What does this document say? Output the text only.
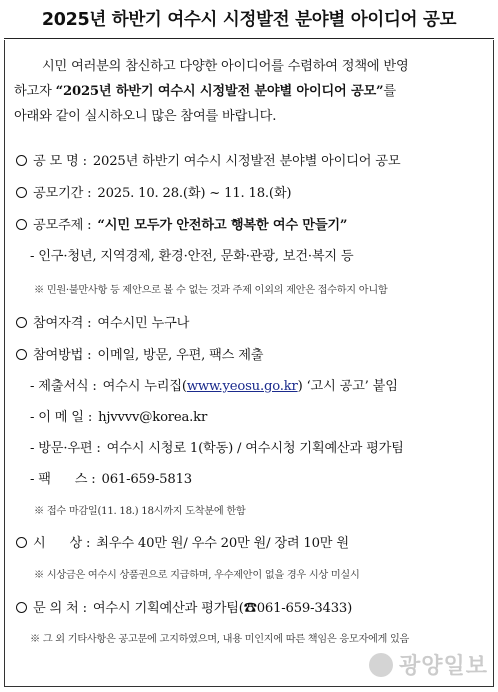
2025년 하반기 여수시 시정발전 분야별 아이디어 공모
시민 여러분의 참신하고 다양한 아이디어를 수렴하여 정책에 반영
하고자 “2025년 하반기 여수시 시정발전 분야별 아이디어 공모”를
아래와 같이 실시하오니 많은 참여를 바랍니다.
공 모 명 : 2025년 하반기 여수시 시정발전 분야별 아이디어 공모
공모기간 : 2025. 10. 28.(화) ~ 11. 18.(화)
공모주제 : “시민 모두가 안전하고 행복한 여수 만들기”
- 인구·청년, 지역경제, 환경·안전, 문화·관광, 보건·복지 등
※ 민원·불만사항 등 제안으로 볼 수 없는 것과 주제 이외의 제안은 접수하지 아니함
참여자격 : 여수시민 누구나
참여방법 : 이메일, 방문, 우편, 팩스 제출
- 제출서식 : 여수시 누리집(www.yeosu.go.kr) ‘고시 공고’ 붙임
- 이 메 일 : hjvvvv@korea.kr
- 방문·우편 : 여수시 시청로 1(학동) / 여수시청 기획예산과 평가팀
- 팩      스 : 061-659-5813
※ 접수 마감일(11. 18.) 18시까지 도착분에 한함
시      상 : 최우수 40만 원/ 우수 20만 원/ 장려 10만 원
※ 시상금은 여수시 상품권으로 지급하며, 우수제안이 없을 경우 시상 미실시
문 의 처 : 여수시 기획예산과 평가팀(☎061-659-3433)
※ 그 외 기타사항은 공고문에 고지하였으며, 내용 미인지에 따른 책임은 응모자에게 있음
광양일보
